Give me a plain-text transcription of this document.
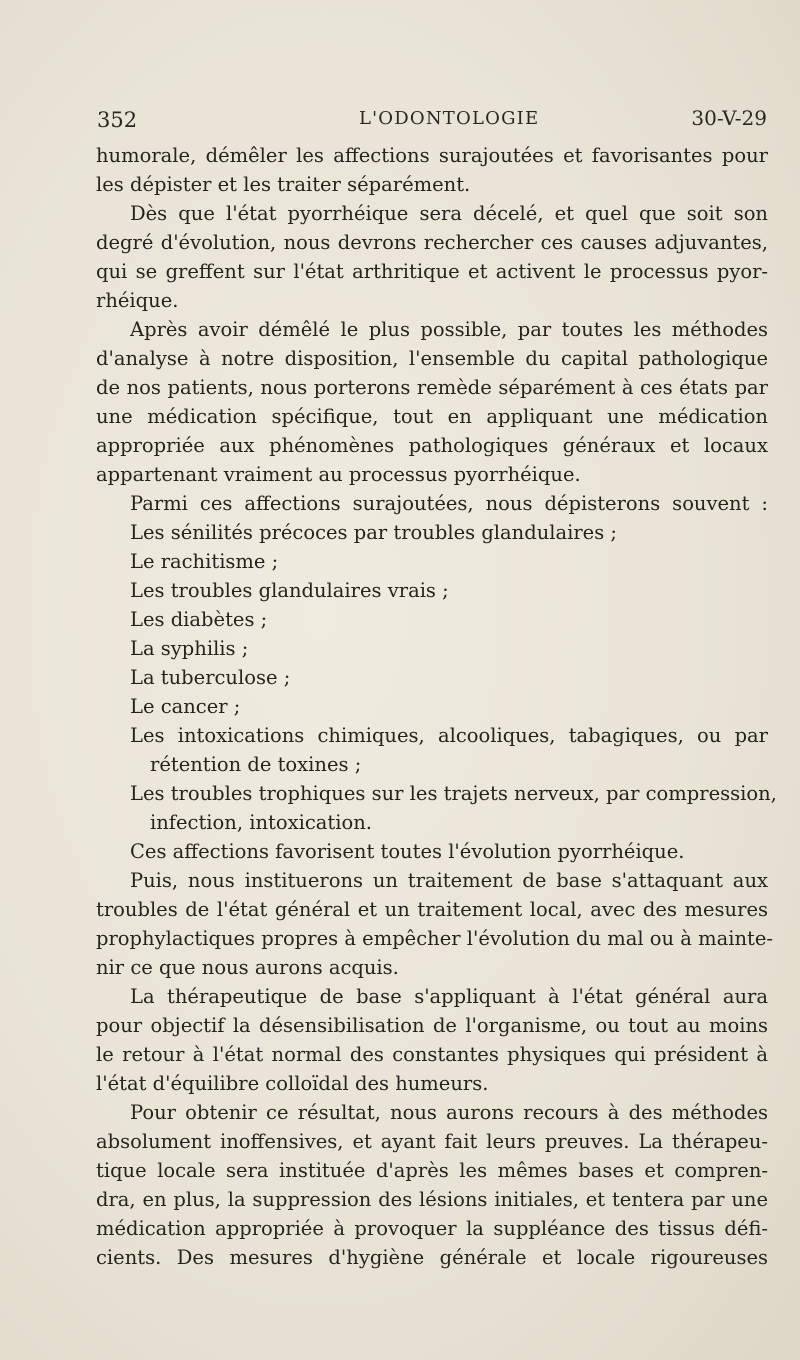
352	L'ODONTOLOGIE	30-V-29
humorale, démêler les affections surajoutées et favorisantes pour
les dépister et les traiter séparément.
Dès que l'état pyorrhéique sera décelé, et quel que soit son
degré d'évolution, nous devrons rechercher ces causes adjuvantes,
qui se greffent sur l'état arthritique et activent le processus pyor-
rhéique.
Après avoir démêlé le plus possible, par toutes les méthodes
d'analyse à notre disposition, l'ensemble du capital pathologique
de nos patients, nous porterons remède séparément à ces états par
une médication spécifique, tout en appliquant une médication
appropriée aux phénomènes pathologiques généraux et locaux
appartenant vraiment au processus pyorrhéique.
Parmi ces affections surajoutées, nous dépisterons souvent :
Les sénilités précoces par troubles glandulaires ;
Le rachitisme ;
Les troubles glandulaires vrais ;
Les diabètes ;
La syphilis ;
La tuberculose ;
Le cancer ;
Les intoxications chimiques, alcooliques, tabagiques, ou par
rétention de toxines ;
Les troubles trophiques sur les trajets nerveux, par compression,
infection, intoxication.
Ces affections favorisent toutes l'évolution pyorrhéique.
Puis, nous instituerons un traitement de base s'attaquant aux
troubles de l'état général et un traitement local, avec des mesures
prophylactiques propres à empêcher l'évolution du mal ou à mainte-
nir ce que nous aurons acquis.
La thérapeutique de base s'appliquant à l'état général aura
pour objectif la désensibilisation de l'organisme, ou tout au moins
le retour à l'état normal des constantes physiques qui président à
l'état d'équilibre colloïdal des humeurs.
Pour obtenir ce résultat, nous aurons recours à des méthodes
absolument inoffensives, et ayant fait leurs preuves. La thérapeu-
tique locale sera instituée d'après les mêmes bases et compren-
dra, en plus, la suppression des lésions initiales, et tentera par une
médication appropriée à provoquer la suppléance des tissus défi-
cients. Des mesures d'hygiène générale et locale rigoureuses
